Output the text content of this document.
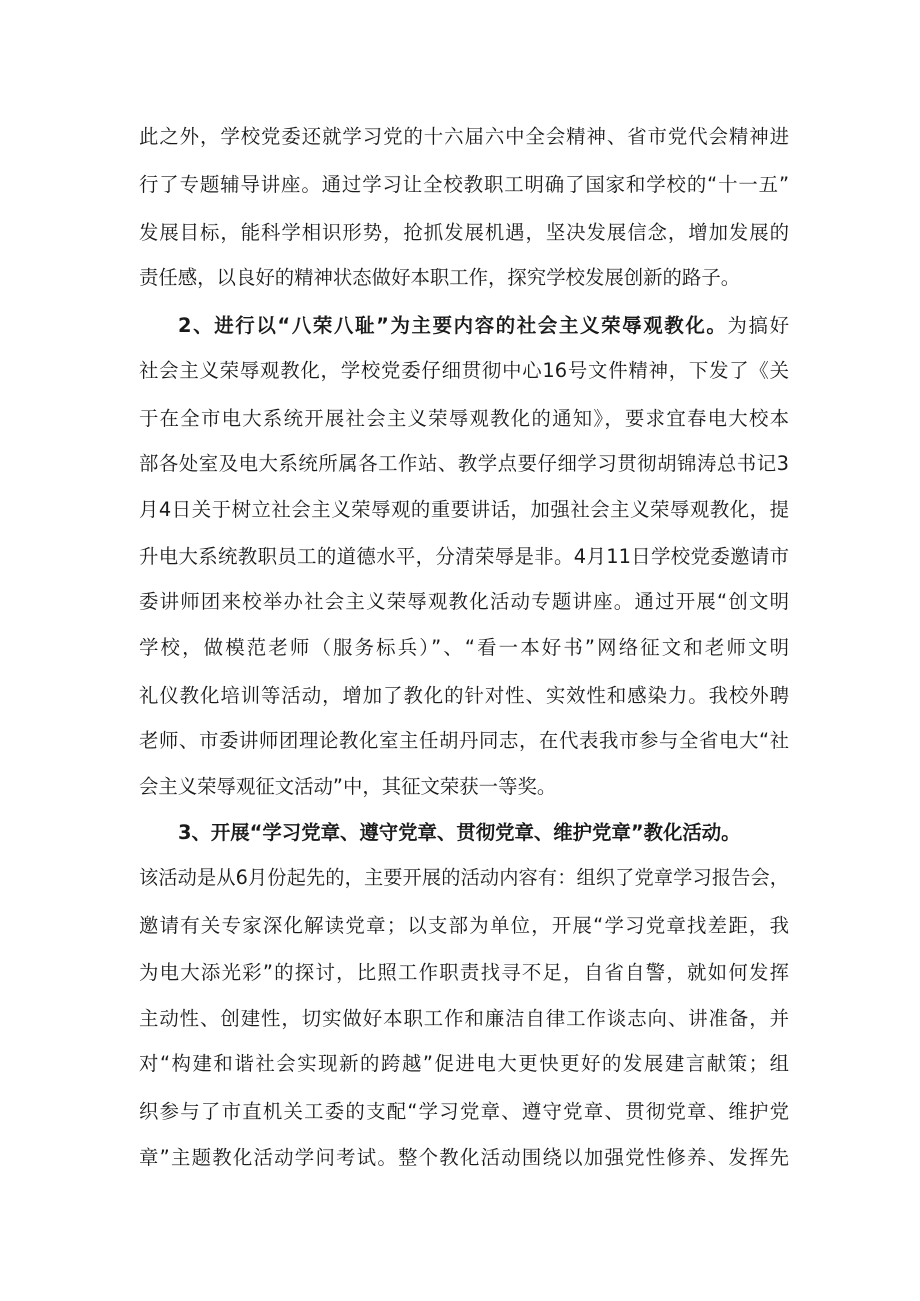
此之外，学校党委还就学习党的十六届六中全会精神、省市党代会精神进
行了专题辅导讲座。通过学习让全校教职工明确了国家和学校的“十一五”
发展目标，能科学相识形势，抢抓发展机遇，坚决发展信念，增加发展的
责任感，以良好的精神状态做好本职工作，探究学校发展创新的路子。
2、进行以“八荣八耻”为主要内容的社会主义荣辱观教化。为搞好
社会主义荣辱观教化，学校党委仔细贯彻中心16号文件精神，下发了《关
于在全市电大系统开展社会主义荣辱观教化的通知》，要求宜春电大校本
部各处室及电大系统所属各工作站、教学点要仔细学习贯彻胡锦涛总书记3
月4日关于树立社会主义荣辱观的重要讲话，加强社会主义荣辱观教化，提
升电大系统教职员工的道德水平，分清荣辱是非。4月11日学校党委邀请市
委讲师团来校举办社会主义荣辱观教化活动专题讲座。通过开展“创文明
学校，做模范老师（服务标兵）”、“看一本好书”网络征文和老师文明
礼仪教化培训等活动，增加了教化的针对性、实效性和感染力。我校外聘
老师、市委讲师团理论教化室主任胡丹同志，在代表我市参与全省电大“社
会主义荣辱观征文活动”中，其征文荣获一等奖。
3、开展“学习党章、遵守党章、贯彻党章、维护党章”教化活动。
该活动是从6月份起先的，主要开展的活动内容有：组织了党章学习报告会，
邀请有关专家深化解读党章；以支部为单位，开展“学习党章找差距，我
为电大添光彩”的探讨，比照工作职责找寻不足，自省自警，就如何发挥
主动性、创建性，切实做好本职工作和廉洁自律工作谈志向、讲准备，并
对“构建和谐社会实现新的跨越”促进电大更快更好的发展建言献策；组
织参与了市直机关工委的支配“学习党章、遵守党章、贯彻党章、维护党
章”主题教化活动学问考试。整个教化活动围绕以加强党性修养、发挥先
